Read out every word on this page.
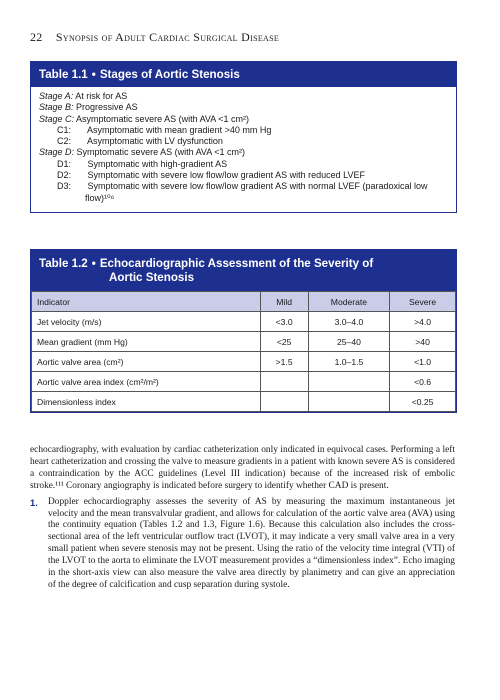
22 Synopsis of Adult Cardiac Surgical Disease
Table 1.1 • Stages of Aortic Stenosis
Stage A: At risk for AS
Stage B: Progressive AS
Stage C: Asymptomatic severe AS (with AVA <1 cm²)
C1: Asymptomatic with mean gradient >40 mm Hg
C2: Asymptomatic with LV dysfunction
Stage D: Symptomatic severe AS (with AVA <1 cm²)
D1: Symptomatic with high-gradient AS
D2: Symptomatic with severe low flow/low gradient AS with reduced LVEF
D3: Symptomatic with severe low flow/low gradient AS with normal LVEF (paradoxical low flow)¹⁰⁶
Table 1.2 • Echocardiographic Assessment of the Severity of
Aortic Stenosis
Indicator	Mild	Moderate	Severe
Jet velocity (m/s)	<3.0	3.0–4.0	>4.0
Mean gradient (mm Hg)	<25	25–40	>40
Aortic valve area (cm²)	>1.5	1.0–1.5	<1.0
Aortic valve area index (cm²/m²)			<0.6
Dimensionless index			<0.25

echocardiography, with evaluation by cardiac catheterization only indicated in equivocal cases. Performing a left heart catheterization and crossing the valve to measure gradients in a patient with known severe AS is considered a contraindication by the ACC guidelines (Level III indication) because of the increased risk of embolic stroke.¹¹¹ Coronary angiography is indicated before surgery to identify whether CAD is present.

1. Doppler echocardiography assesses the severity of AS by measuring the maximum instantaneous jet velocity and the mean transvalvular gradient, and allows for calculation of the aortic valve area (AVA) using the continuity equation (Tables 1.2 and 1.3, Figure 1.6). Because this calculation also includes the cross-sectional area of the left ventricular outflow tract (LVOT), it may indicate a very small valve area in a very small patient when severe stenosis may not be present. Using the ratio of the velocity time integral (VTI) of the LVOT to the aorta to eliminate the LVOT measurement provides a “dimensionless index”. Echo imaging in the short-axis view can also measure the valve area directly by planimetry and can give an appreciation of the degree of calcification and cusp separation during systole.
